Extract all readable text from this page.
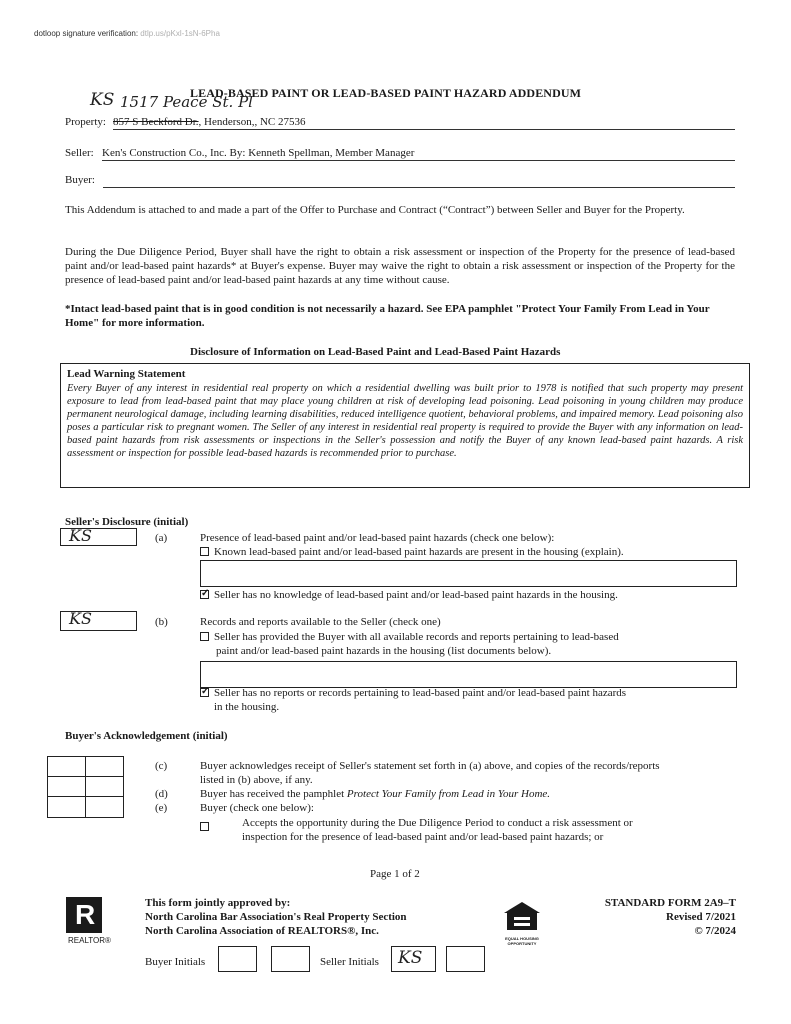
dotloop signature verification: dtlp.us/pKxl-1sN-6Pha
LEAD-BASED PAINT OR LEAD-BASED PAINT HAZARD ADDENDUM
KS 1517 Peace St. Pl
Property: 857 S Beckford Dr., Henderson,, NC 27536
Seller: Ken's Construction Co., Inc. By: Kenneth Spellman, Member Manager
Buyer:
This Addendum is attached to and made a part of the Offer to Purchase and Contract (“Contract”) between Seller and Buyer for the Property.
During the Due Diligence Period, Buyer shall have the right to obtain a risk assessment or inspection of the Property for the presence of lead-based paint and/or lead-based paint hazards* at Buyer's expense. Buyer may waive the right to obtain a risk assessment or inspection of the Property for the presence of lead-based paint and/or lead-based paint hazards at any time without cause.
*Intact lead-based paint that is in good condition is not necessarily a hazard. See EPA pamphlet "Protect Your Family From Lead in Your Home" for more information.
Disclosure of Information on Lead-Based Paint and Lead-Based Paint Hazards
Lead Warning Statement
Every Buyer of any interest in residential real property on which a residential dwelling was built prior to 1978 is notified that such property may present exposure to lead from lead-based paint that may place young children at risk of developing lead poisoning. Lead poisoning in young children may produce permanent neurological damage, including learning disabilities, reduced intelligence quotient, behavioral problems, and impaired memory. Lead poisoning also poses a particular risk to pregnant women. The Seller of any interest in residential real property is required to provide the Buyer with any information on lead-based paint hazards from risk assessments or inspections in the Seller's possession and notify the Buyer of any known lead-based paint hazards. A risk assessment or inspection for possible lead-based hazards is recommended prior to purchase.
Seller's Disclosure (initial)
KS	(a)	Presence of lead-based paint and/or lead-based paint hazards (check one below):
Known lead-based paint and/or lead-based paint hazards are present in the housing (explain).
✓Seller has no knowledge of lead-based paint and/or lead-based paint hazards in the housing.
KS	(b)	Records and reports available to the Seller (check one)
Seller has provided the Buyer with all available records and reports pertaining to lead-based
paint and/or lead-based paint hazards in the housing (list documents below).
✓Seller has no reports or records pertaining to lead-based paint and/or lead-based paint hazards
in the housing.
Buyer's Acknowledgement (initial)
(c)	Buyer acknowledges receipt of Seller's statement set forth in (a) above, and copies of the records/reports
listed in (b) above, if any.
(d)	Buyer has received the pamphlet Protect Your Family from Lead in Your Home.
(e)	Buyer (check one below):
Accepts the opportunity during the Due Diligence Period to conduct a risk assessment or
inspection for the presence of lead-based paint and/or lead-based paint hazards; or
Page 1 of 2
R
REALTOR®
This form jointly approved by:
North Carolina Bar Association's Real Property Section
North Carolina Association of REALTORS®, Inc.
EQUAL HOUSING OPPORTUNITY
STANDARD FORM 2A9–T
Revised 7/2021
© 7/2024
Buyer Initials	Seller Initials KS
